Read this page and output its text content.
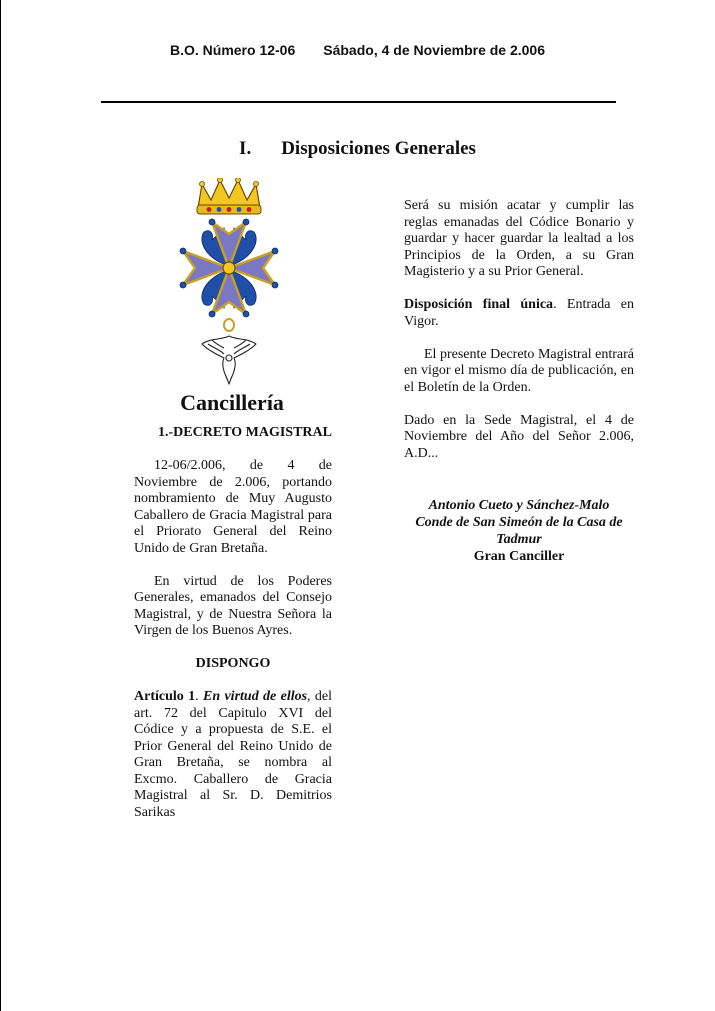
B.O. Número 12-06 Sábado, 4 de Noviembre de 2.006
I. Disposiciones Generales
Cancillería
1.-DECRETO MAGISTRAL

12-06/2.006, de 4 de Noviembre de 2.006, portando nombramiento de Muy Augusto Caballero de Gracia Magistral para el Priorato General del Reino Unido de Gran Bretaña.

En virtud de los Poderes Generales, emanados del Consejo Magistral, y de Nuestra Señora la Virgen de los Buenos Ayres.

DISPONGO

Artículo 1. En virtud de ellos, del art. 72 del Capitulo XVI del Códice y a propuesta de S.E. el Prior General del Reino Unido de Gran Bretaña, se nombra al Excmo. Caballero de Gracia Magistral al Sr. D. Demitrios Sarikas

Será su misión acatar y cumplir las reglas emanadas del Códice Bonario y guardar y hacer guardar la lealtad a los Principios de la Orden, a su Gran Magisterio y a su Prior General.

Disposición final única. Entrada en Vigor.

El presente Decreto Magistral entrará en vigor el mismo día de publicación, en el Boletín de la Orden.

Dado en la Sede Magistral, el 4 de Noviembre del Año del Señor 2.006, A.D...

Antonio Cueto y Sánchez-Malo
Conde de San Simeón de la Casa de Tadmur
Gran Canciller
